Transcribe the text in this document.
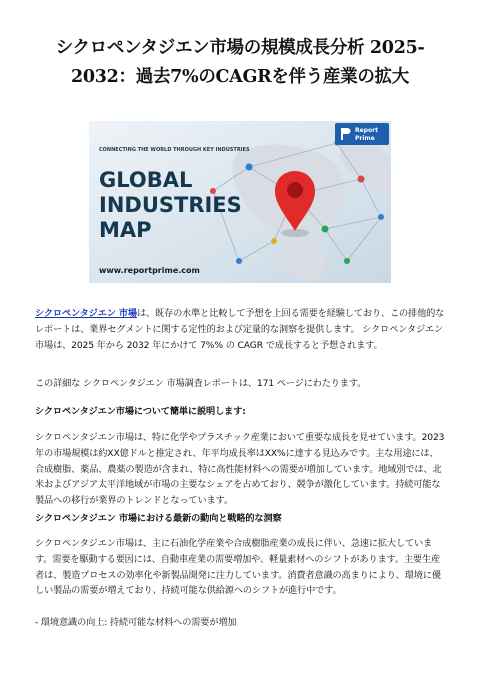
シクロペンタジエン市場の規模成長分析 2025-
2032：過去7%のCAGRを伴う産業の拡大
CONNECTING THE WORLD THROUGH KEY INDUSTRIES
GLOBAL
INDUSTRIES
MAP
www.reportprime.com
Report
Prime
シクロペンタジエン 市場は、既存の水準と比較して予想を上回る需要を経験しており、この排他的なレポートは、業界セグメントに関する定性的および定量的な洞察を提供します。 シクロペンタジエン 市場は、2025 年から 2032 年にかけて 7%% の CAGR で成長すると予想されます。
この詳細な シクロペンタジエン 市場調査レポートは、171 ページにわたります。
シクロペンタジエン市場について簡単に説明します:
シクロペンタジエン市場は、特に化学やプラスチック産業において重要な成長を見せています。2023年の市場規模は約XX億ドルと推定され、年平均成長率はXX%に達する見込みです。主な用途には、合成樹脂、薬品、農薬の製造が含まれ、特に高性能材料への需要が増加しています。地域別では、北米およびアジア太平洋地域が市場の主要なシェアを占めており、競争が激化しています。持続可能な製品への移行が業界のトレンドとなっています。
シクロペンタジエン 市場における最新の動向と戦略的な洞察
シクロペンタジエン市場は、主に石油化学産業や合成樹脂産業の成長に伴い、急速に拡大しています。需要を駆動する要因には、自動車産業の需要増加や、軽量素材へのシフトがあります。主要生産者は、製造プロセスの効率化や新製品開発に注力しています。消費者意識の高まりにより、環境に優しい製品の需要が増えており、持続可能な供給源へのシフトが進行中です。
- 環境意識の向上: 持続可能な材料への需要が増加
